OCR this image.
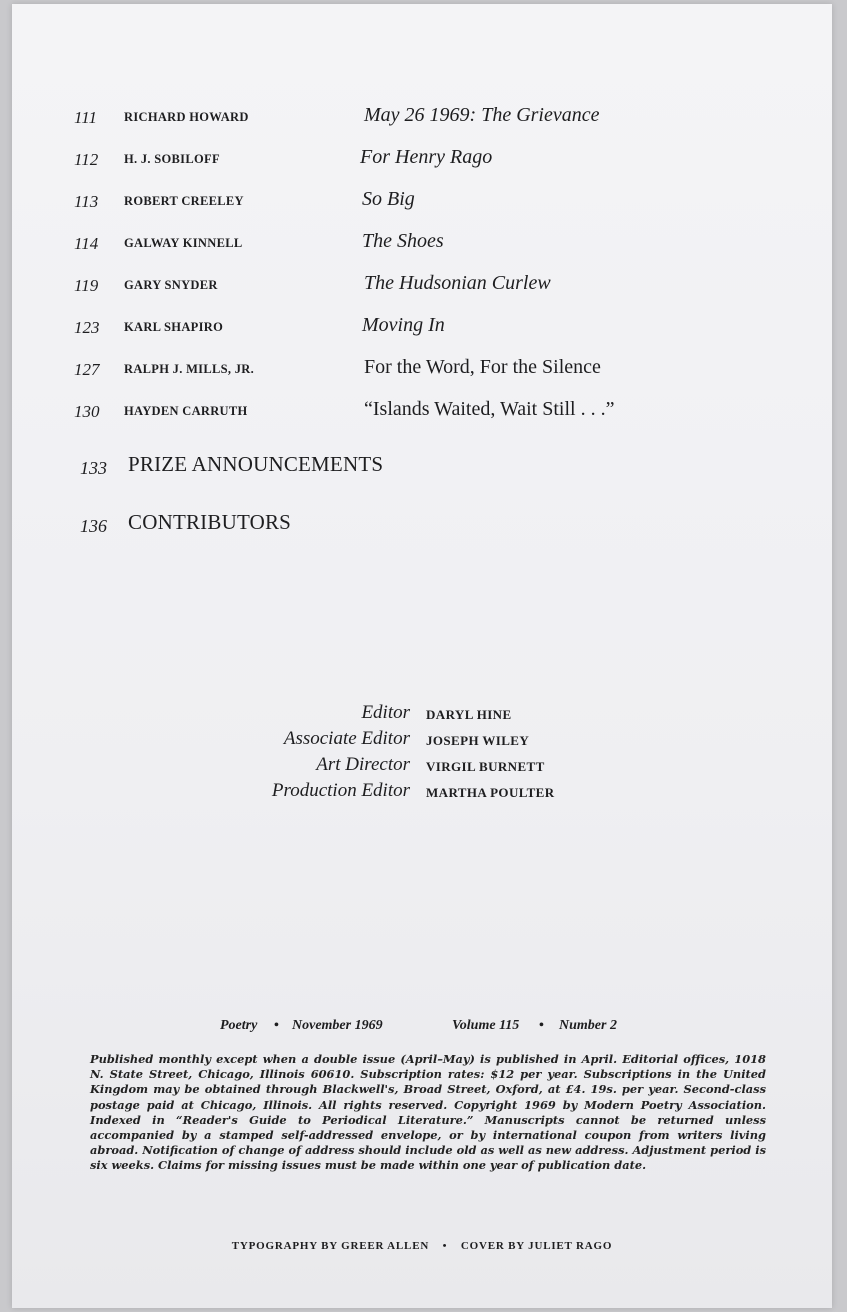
111	RICHARD HOWARD	May 26 1969: The Grievance
112	H. J. SOBILOFF	For Henry Rago
113	ROBERT CREELEY	So Big
114	GALWAY KINNELL	The Shoes
119	GARY SNYDER	The Hudsonian Curlew
123	KARL SHAPIRO	Moving In
127	RALPH J. MILLS, JR.	For the Word, For the Silence
130	HAYDEN CARRUTH	“Islands Waited, Wait Still . . .”
133 PRIZE ANNOUNCEMENTS
136 CONTRIBUTORS
Editor DARYL HINE
Associate Editor JOSEPH WILEY
Art Director VIRGIL BURNETT
Production Editor MARTHA POULTER
Poetry • November 1969	Volume 115 • Number 2
Published monthly except when a double issue (April–May) is published in April. Editorial offices, 1018 N. State Street, Chicago, Illinois 60610. Subscription rates: $12 per year. Subscriptions in the United Kingdom may be obtained through Blackwell's, Broad Street, Oxford, at £4. 19s. per year. Second-class postage paid at Chicago, Illinois. All rights reserved. Copyright 1969 by Modern Poetry Association. Indexed in “Reader's Guide to Periodical Literature.” Manuscripts cannot be returned unless accompanied by a stamped self-addressed envelope, or by international coupon from writers living abroad. Notification of change of address should include old as well as new address. Adjustment period is six weeks. Claims for missing issues must be made within one year of publication date.
TYPOGRAPHY BY GREER ALLEN • COVER BY JULIET RAGO
